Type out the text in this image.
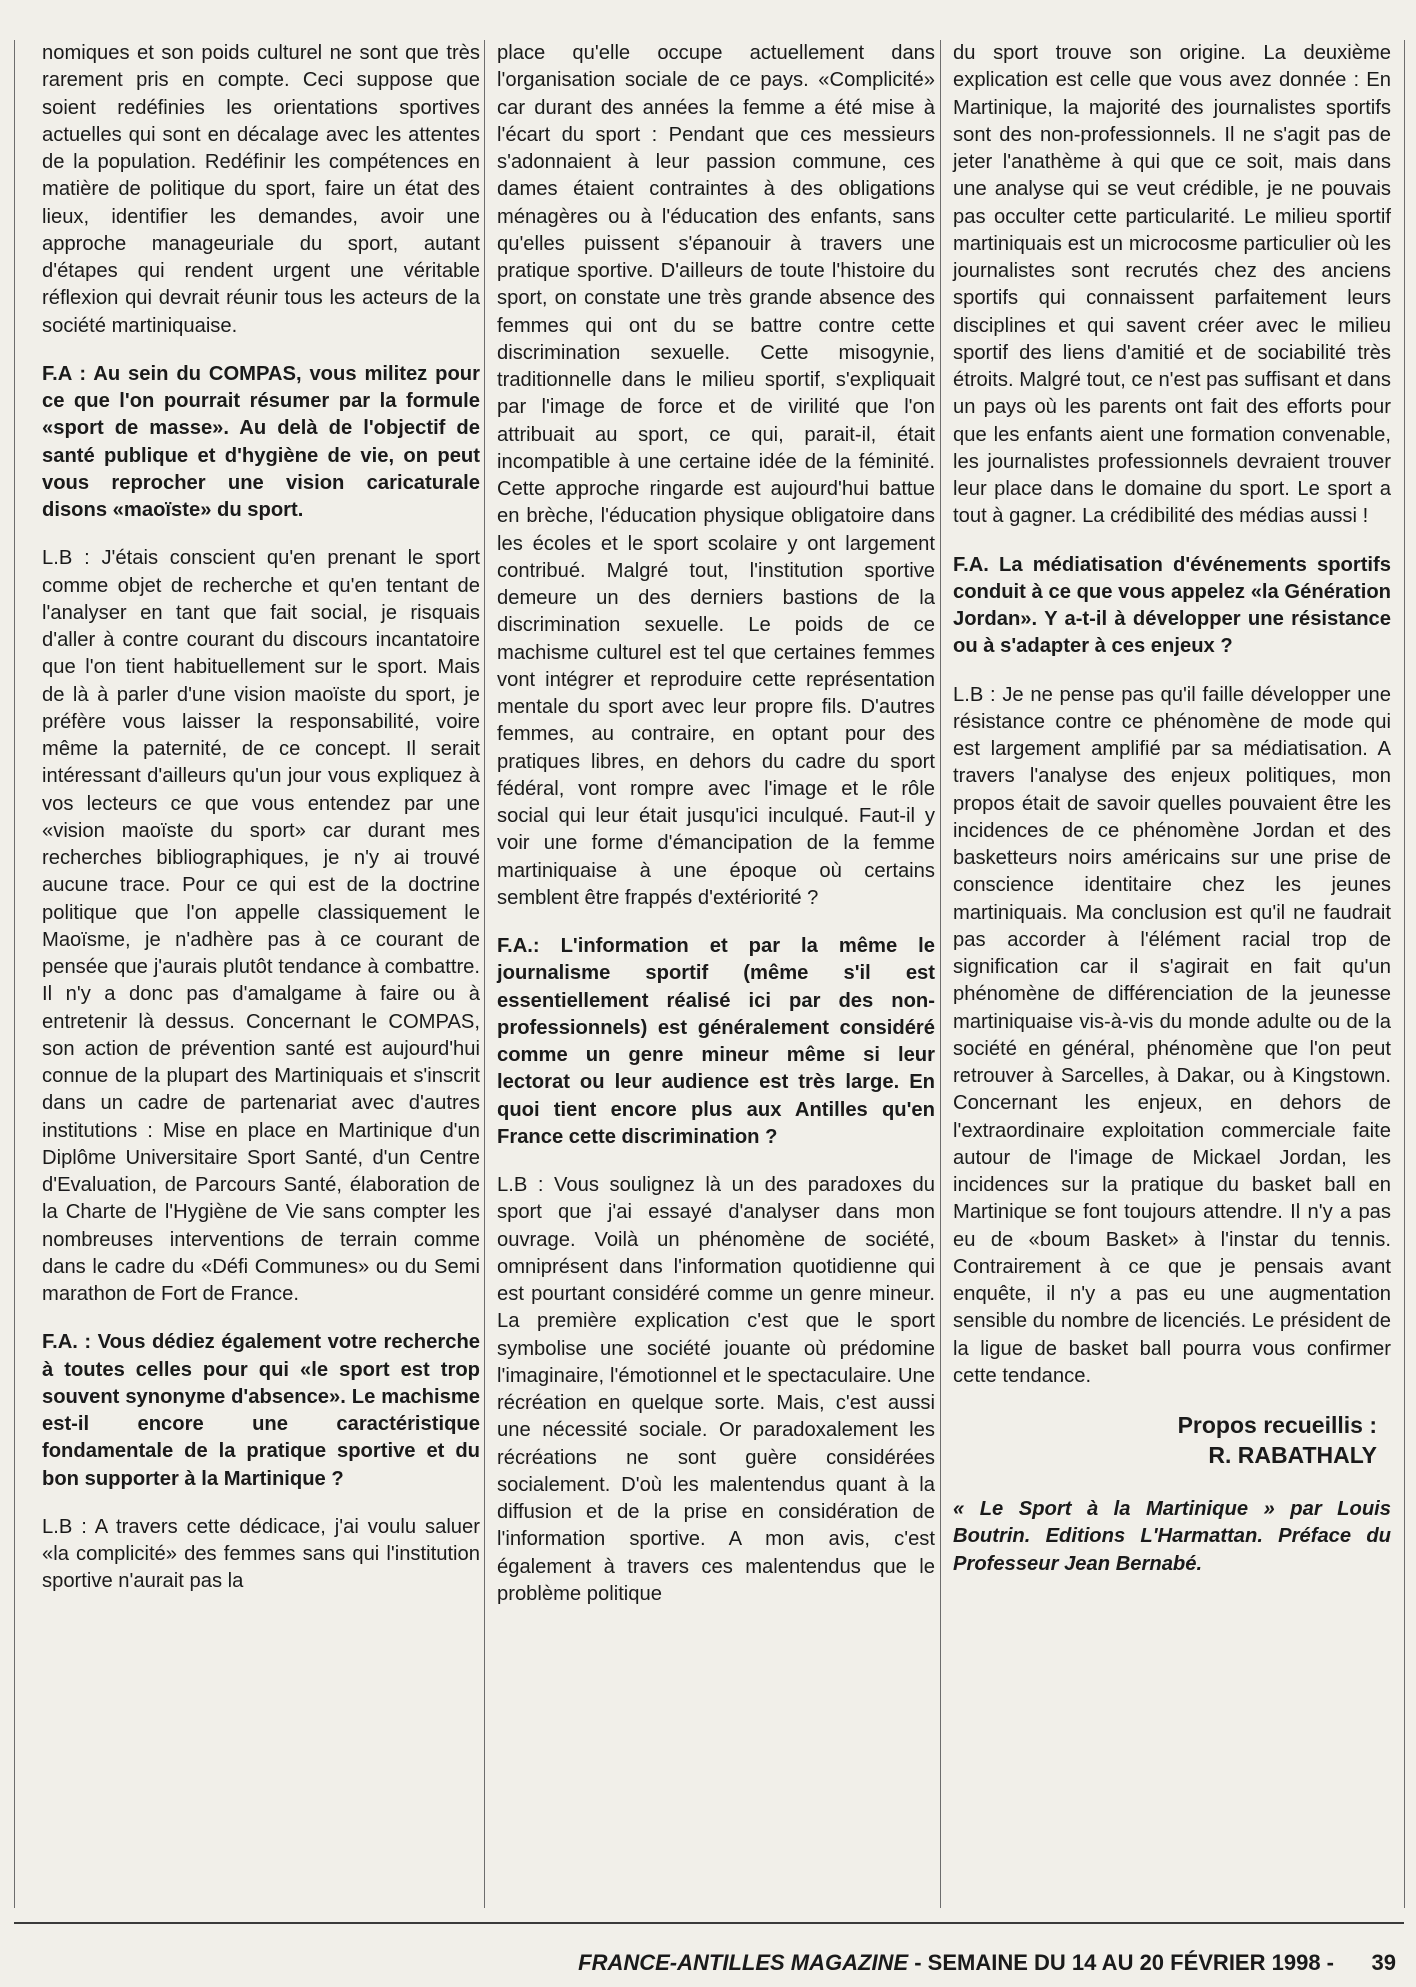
nomiques et son poids culturel ne sont que très rarement pris en compte. Ceci suppose que soient redéfinies les orientations sportives actuelles qui sont en décalage avec les attentes de la population. Redéfinir les compétences en matière de politique du sport, faire un état des lieux, identifier les demandes, avoir une approche manageuriale du sport, autant d'étapes qui rendent urgent une véritable réflexion qui devrait réunir tous les acteurs de la société martiniquaise.

F.A : Au sein du COMPAS, vous militez pour ce que l'on pourrait résumer par la formule «sport de masse». Au delà de l'objectif de santé publique et d'hygiène de vie, on peut vous reprocher une vision caricaturale disons «maoïste» du sport.

L.B : J'étais conscient qu'en prenant le sport comme objet de recherche et qu'en tentant de l'analyser en tant que fait social, je risquais d'aller à contre courant du discours incantatoire que l'on tient habituellement sur le sport. Mais de là à parler d'une vision maoïste du sport, je préfère vous laisser la responsabilité, voire même la paternité, de ce concept. Il serait intéressant d'ailleurs qu'un jour vous expliquez à vos lecteurs ce que vous entendez par une «vision maoïste du sport» car durant mes recherches bibliographiques, je n'y ai trouvé aucune trace. Pour ce qui est de la doctrine politique que l'on appelle classiquement le Maoïsme, je n'adhère pas à ce courant de pensée que j'aurais plutôt tendance à combattre. Il n'y a donc pas d'amalgame à faire ou à entretenir là dessus. Concernant le COMPAS, son action de prévention santé est aujourd'hui connue de la plupart des Martiniquais et s'inscrit dans un cadre de partenariat avec d'autres institutions : Mise en place en Martinique d'un Diplôme Universitaire Sport Santé, d'un Centre d'Evaluation, de Parcours Santé, élaboration de la Charte de l'Hygiène de Vie sans compter les nombreuses interventions de terrain comme dans le cadre du «Défi Communes» ou du Semi marathon de Fort de France.

F.A. : Vous dédiez également votre recherche à toutes celles pour qui «le sport est trop souvent synonyme d'absence». Le machisme est-il encore une caractéristique fondamentale de la pratique sportive et du bon supporter à la Martinique ?

L.B : A travers cette dédicace, j'ai voulu saluer «la complicité» des femmes sans qui l'institution sportive n'aurait pas la

place qu'elle occupe actuellement dans l'organisation sociale de ce pays. «Complicité» car durant des années la femme a été mise à l'écart du sport : Pendant que ces messieurs s'adonnaient à leur passion commune, ces dames étaient contraintes à des obligations ménagères ou à l'éducation des enfants, sans qu'elles puissent s'épanouir à travers une pratique sportive. D'ailleurs de toute l'histoire du sport, on constate une très grande absence des femmes qui ont du se battre contre cette discrimination sexuelle. Cette misogynie, traditionnelle dans le milieu sportif, s'expliquait par l'image de force et de virilité que l'on attribuait au sport, ce qui, parait-il, était incompatible à une certaine idée de la féminité. Cette approche ringarde est aujourd'hui battue en brèche, l'éducation physique obligatoire dans les écoles et le sport scolaire y ont largement contribué. Malgré tout, l'institution sportive demeure un des derniers bastions de la discrimination sexuelle. Le poids de ce machisme culturel est tel que certaines femmes vont intégrer et reproduire cette représentation mentale du sport avec leur propre fils. D'autres femmes, au contraire, en optant pour des pratiques libres, en dehors du cadre du sport fédéral, vont rompre avec l'image et le rôle social qui leur était jusqu'ici inculqué. Faut-il y voir une forme d'émancipation de la femme martiniquaise à une époque où certains semblent être frappés d'extériorité ?

F.A.: L'information et par la même le journalisme sportif (même s'il est essentiellement réalisé ici par des non-professionnels) est généralement considéré comme un genre mineur même si leur lectorat ou leur audience est très large. En quoi tient encore plus aux Antilles qu'en France cette discrimination ?

L.B : Vous soulignez là un des paradoxes du sport que j'ai essayé d'analyser dans mon ouvrage. Voilà un phénomène de société, omniprésent dans l'information quotidienne qui est pourtant considéré comme un genre mineur. La première explication c'est que le sport symbolise une société jouante où prédomine l'imaginaire, l'émotionnel et le spectaculaire. Une récréation en quelque sorte. Mais, c'est aussi une nécessité sociale. Or paradoxalement les récréations ne sont guère considérées socialement. D'où les malentendus quant à la diffusion et de la prise en considération de l'information sportive. A mon avis, c'est également à travers ces malentendus que le problème politique

du sport trouve son origine. La deuxième explication est celle que vous avez donnée : En Martinique, la majorité des journalistes sportifs sont des non-professionnels. Il ne s'agit pas de jeter l'anathème à qui que ce soit, mais dans une analyse qui se veut crédible, je ne pouvais pas occulter cette particularité. Le milieu sportif martiniquais est un microcosme particulier où les journalistes sont recrutés chez des anciens sportifs qui connaissent parfaitement leurs disciplines et qui savent créer avec le milieu sportif des liens d'amitié et de sociabilité très étroits. Malgré tout, ce n'est pas suffisant et dans un pays où les parents ont fait des efforts pour que les enfants aient une formation convenable, les journalistes professionnels devraient trouver leur place dans le domaine du sport. Le sport a tout à gagner. La crédibilité des médias aussi !

F.A. La médiatisation d'événements sportifs conduit à ce que vous appelez «la Génération Jordan». Y a-t-il à développer une résistance ou à s'adapter à ces enjeux ?

L.B : Je ne pense pas qu'il faille développer une résistance contre ce phénomène de mode qui est largement amplifié par sa médiatisation. A travers l'analyse des enjeux politiques, mon propos était de savoir quelles pouvaient être les incidences de ce phénomène Jordan et des basketteurs noirs américains sur une prise de conscience identitaire chez les jeunes martiniquais. Ma conclusion est qu'il ne faudrait pas accorder à l'élément racial trop de signification car il s'agirait en fait qu'un phénomène de différenciation de la jeunesse martiniquaise vis-à-vis du monde adulte ou de la société en général, phénomène que l'on peut retrouver à Sarcelles, à Dakar, ou à Kingstown. Concernant les enjeux, en dehors de l'extraordinaire exploitation commerciale faite autour de l'image de Mickael Jordan, les incidences sur la pratique du basket ball en Martinique se font toujours attendre. Il n'y a pas eu de «boum Basket» à l'instar du tennis. Contrairement à ce que je pensais avant enquête, il n'y a pas eu une augmentation sensible du nombre de licenciés. Le président de la ligue de basket ball pourra vous confirmer cette tendance.

Propos recueillis :
R. RABATHALY

« Le Sport à la Martinique » par Louis Boutrin. Editions L'Harmattan. Préface du Professeur Jean Bernabé.

FRANCE-ANTILLES MAGAZINE - SEMAINE DU 14 AU 20 FÉVRIER 1998 - 39
